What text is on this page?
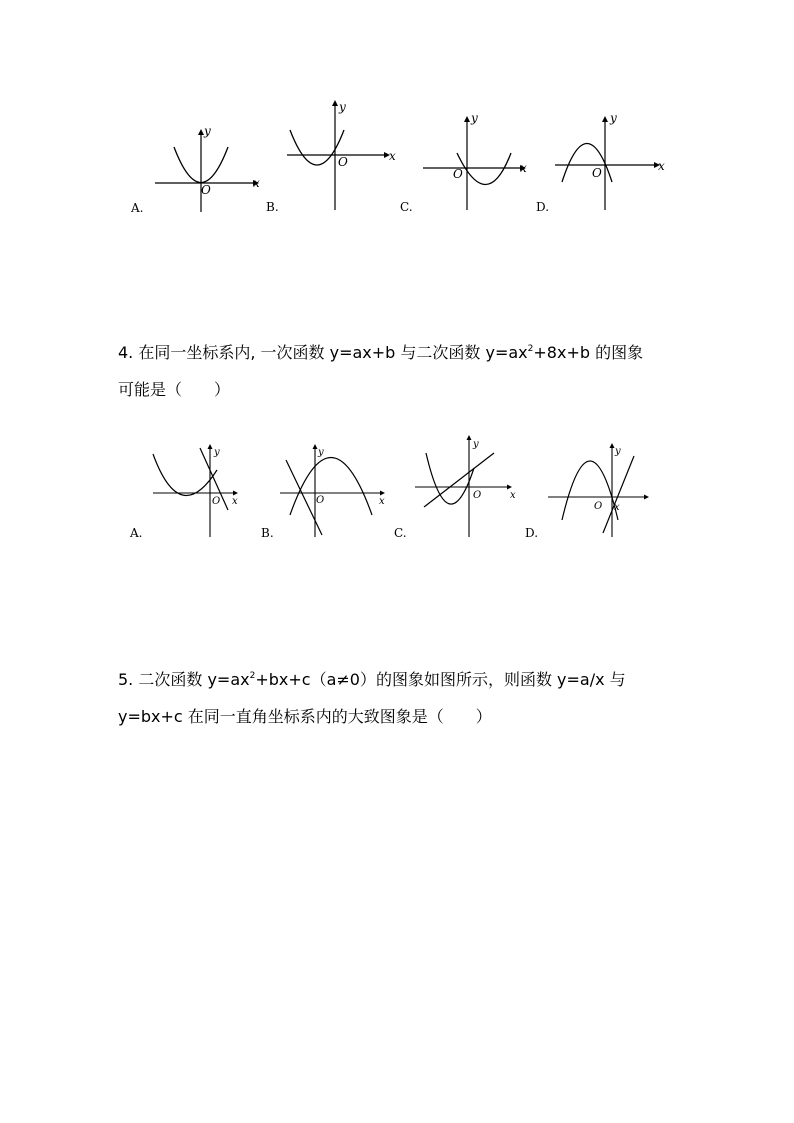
x
y
O
A.
x
y
O
B.
x
y
O
C.
x
y
O
D.
4. 在同一坐标系内, 一次函数 y=ax+b 与二次函数 $y=ax^2+8x+b$ 的图象
可能是（　　）
x
y
O
A.
x
y
O
B.
x
y
O
C.
x
y
O
D.
5. 二次函数 $y=ax^2+bx+c(a\ne 0)$的图象如图所示，则函数 y=a/x 与
y=bx+c 在同一直角坐标系内的大致图象是（　　）
